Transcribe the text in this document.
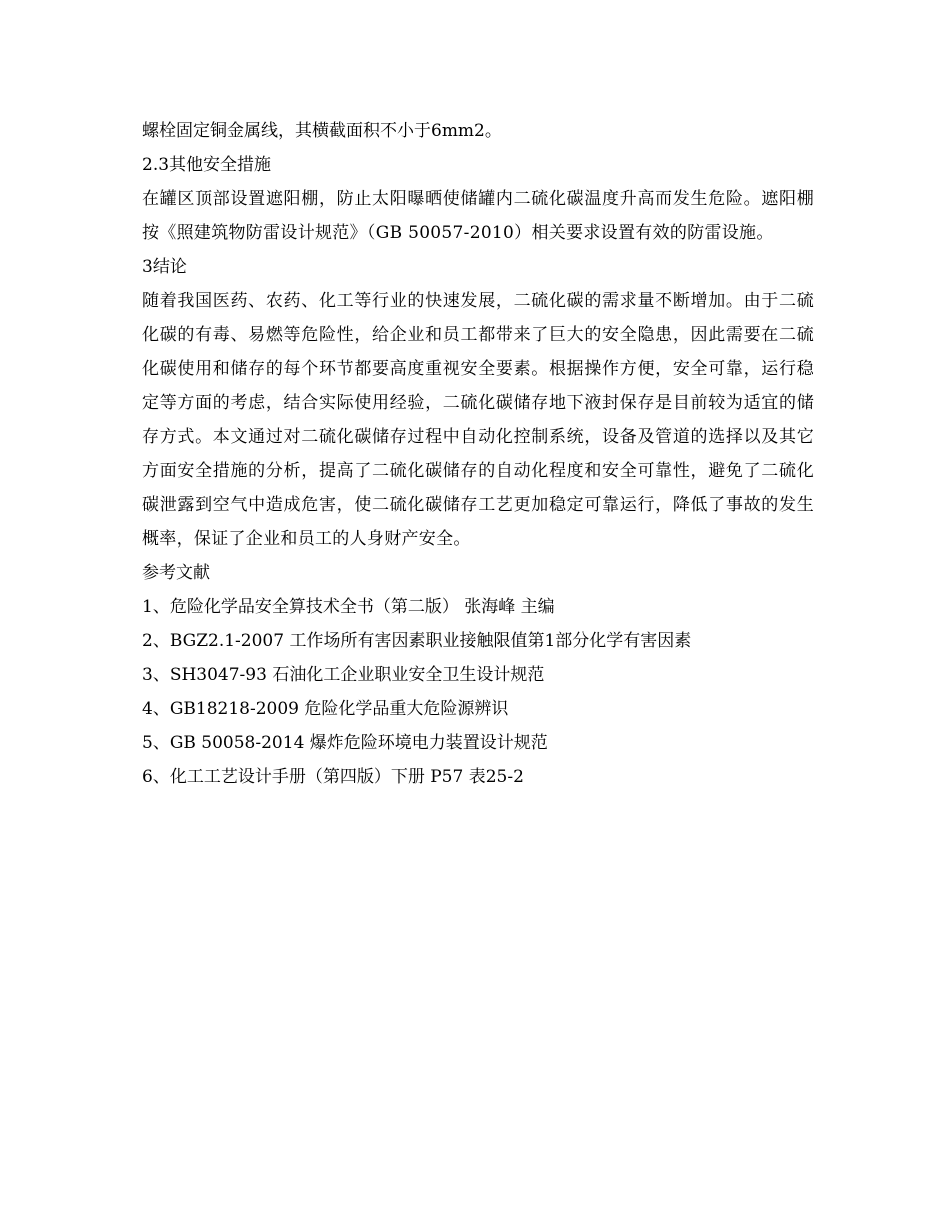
螺栓固定铜金属线，其横截面积不小于6mm2。
2.3其他安全措施
在罐区顶部设置遮阳棚，防止太阳曝晒使储罐内二硫化碳温度升高而发生危险。遮阳棚按《照建筑物防雷设计规范》（GB 50057-2010）相关要求设置有效的防雷设施。
3结论
随着我国医药、农药、化工等行业的快速发展，二硫化碳的需求量不断增加。由于二硫化碳的有毒、易燃等危险性，给企业和员工都带来了巨大的安全隐患，因此需要在二硫化碳使用和储存的每个环节都要高度重视安全要素。根据操作方便，安全可靠，运行稳定等方面的考虑，结合实际使用经验，二硫化碳储存地下液封保存是目前较为适宜的储存方式。本文通过对二硫化碳储存过程中自动化控制系统，设备及管道的选择以及其它方面安全措施的分析，提高了二硫化碳储存的自动化程度和安全可靠性，避免了二硫化碳泄露到空气中造成危害，使二硫化碳储存工艺更加稳定可靠运行，降低了事故的发生概率，保证了企业和员工的人身财产安全。
参考文献
1、危险化学品安全算技术全书（第二版） 张海峰 主编
2、BGZ2.1-2007 工作场所有害因素职业接触限值第1部分化学有害因素
3、SH3047-93 石油化工企业职业安全卫生设计规范
4、GB18218-2009 危险化学品重大危险源辨识
5、GB 50058-2014 爆炸危险环境电力装置设计规范
6、化工工艺设计手册（第四版）下册 P57 表25-2
